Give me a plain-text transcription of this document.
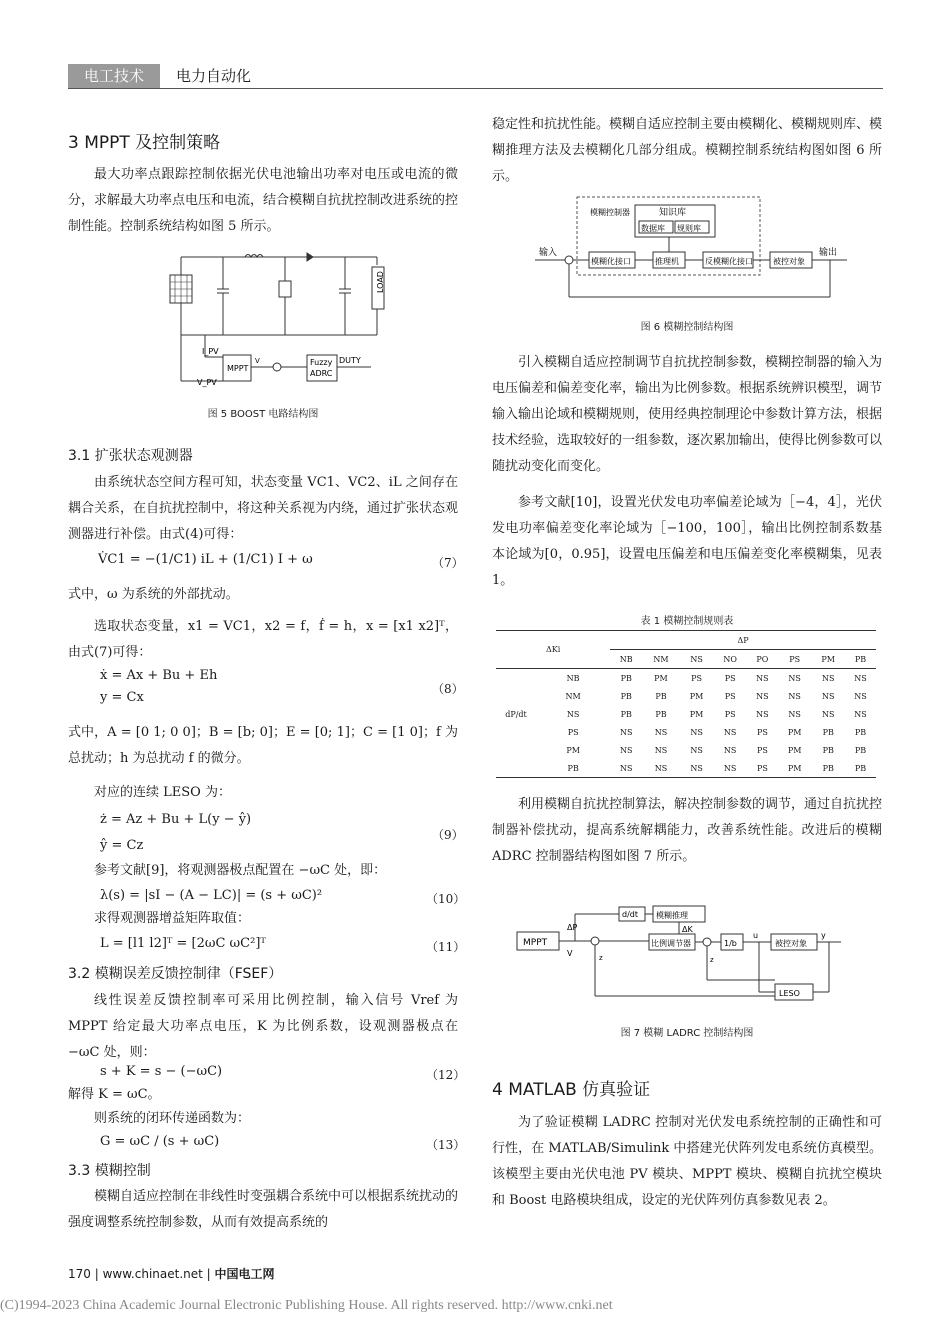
电工技术	电力自动化
3 MPPT 及控制策略
最大功率点跟踪控制依据光伏电池输出功率对电压或电流的微分，求解最大功率点电压和电流，结合模糊自抗扰控制改进系统的控制性能。控制系统结构如图 5 所示。
LOAD
I_PV
V_PV
MPPT
V	Fuzzy
ADRC
DUTY
图 5 BOOST 电路结构图
3.1 扩张状态观测器
由系统状态空间方程可知，状态变量 VC1、VC2、iL 之间存在耦合关系，在自抗扰控制中，将这种关系视为内绕，通过扩张状态观测器进行补偿。由式(4)可得：
V̇C1 = −(1/C1) iL + (1/C1) I + ω	（7）
式中，ω 为系统的外部扰动。
选取状态变量，x1 = VC1，x2 = f，ḟ = h，x = [x1 x2]ᵀ，由式(7)可得：
ẋ = Ax + Bu + Eh
y = Cx
（8）
式中，A = [0 1; 0 0]；B = [b; 0]；E = [0; 1]；C = [1 0]；f 为总扰动；h 为总扰动 f 的微分。
对应的连续 LESO 为：
ż = Az + Bu + L(y − ŷ)
ŷ = Cz
（9）
参考文献[9]，将观测器极点配置在 −ωC 处，即：
λ(s) = |sI − (A − LC)| = (s + ωC)²	（10）
求得观测器增益矩阵取值：
L = [l1 l2]ᵀ = [2ωC ωC²]ᵀ	（11）
3.2 模糊误差反馈控制律（FSEF）
线性误差反馈控制率可采用比例控制，输入信号 Vref 为 MPPT 给定最大功率点电压，K 为比例系数，设观测器极点在 −ωC 处，则：
s + K = s − (−ωC)	（12）
解得 K = ωC。
则系统的闭环传递函数为：
G = ωC / (s + ωC)	（13）
3.3 模糊控制
模糊自适应控制在非线性时变强耦合系统中可以根据系统扰动的强度调整系统控制参数，从而有效提高系统的
稳定性和抗扰性能。模糊自适应控制主要由模糊化、模糊规则库、模糊推理方法及去模糊化几部分组成。模糊控制系统结构图如图 6 所示。
模糊控制器	知识库
数据库 规则库
输入	输出
模糊化接口	推理机	反模糊化接口	被控对象
图 6 模糊控制结构图
引入模糊自适应控制调节自抗扰控制参数，模糊控制器的输入为电压偏差和偏差变化率，输出为比例参数。根据系统辨识模型，调节输入输出论域和模糊规则，使用经典控制理论中参数计算方法，根据技术经验，选取较好的一组参数，逐次累加输出，使得比例参数可以随扰动变化而变化。
参考文献[10]，设置光伏发电功率偏差论域为［−4，4］，光伏发电功率偏差变化率论域为［−100，100］，输出比例控制系数基本论域为[0，0.95]，设置电压偏差和电压偏差变化率模糊集，见表 1。
表 1 模糊控制规则表
ΔKi		ΔP							
		NB	NM	NS	NO	PO	PS	PM	PB
	NB	PB	PM	PS	PS	NS	NS	NS	NS
	NM	PB	PB	PM	PS	NS	NS	NS	NS
dP/dt	NS	PB	PB	PM	PS	NS	NS	NS	NS
	PS	NS	NS	NS	NS	PS	PM	PB	PB
	PM	NS	NS	NS	NS	PS	PM	PB	PB
	PB	NS	NS	NS	NS	PS	PM	PB	PB
利用模糊自抗扰控制算法，解决控制参数的调节，通过自抗扰控制器补偿扰动，提高系统解耦能力，改善系统性能。改进后的模糊 ADRC 控制器结构图如图 7 所示。
MPPT
ΔP
d/dt 模糊推理
ΔK
V
比例调节器	1/b
u
被控对象
y
LESO
z	z
图 7 模糊 LADRC 控制结构图
4 MATLAB 仿真验证
为了验证模糊 LADRC 控制对光伏发电系统控制的正确性和可行性，在 MATLAB/Simulink 中搭建光伏阵列发电系统仿真模型。该模型主要由光伏电池 PV 模块、MPPT 模块、模糊自抗扰空模块和 Boost 电路模块组成，设定的光伏阵列仿真参数见表 2。
170 | www.chinaet.net | 中国电工网
(C)1994-2023 China Academic Journal Electronic Publishing House. All rights reserved. http://www.cnki.net
